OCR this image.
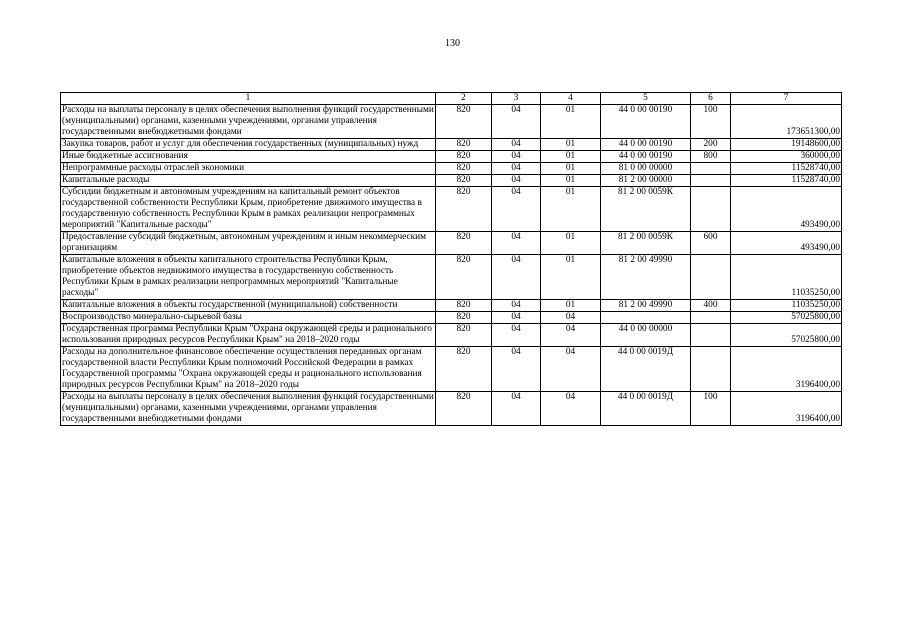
130
1	2	3	4	5	6	7
Расходы на выплаты персоналу в целях обеспечения выполнения функций государственными (муниципальными) органами, казенными учреждениями, органами управления государственными внебюджетными фондами	820	04	01	44 0 00 00190	100	173651300,00
Закупка товаров, работ и услуг для обеспечения государственных (муниципальных) нужд	820	04	01	44 0 00 00190	200	19148600,00
Иные бюджетные ассигнования	820	04	01	44 0 00 00190	800	360000,00
Непрограммные расходы отраслей экономики	820	04	01	81 0 00 00000		11528740,00
Капитальные расходы	820	04	01	81 2 00 00000		11528740,00
Субсидии бюджетным и автономным учреждениям на капитальный ремонт объектов государственной собственности Республики Крым, приобретение движимого имущества в государственную собственность Республики Крым в рамках реализации непрограммных мероприятий "Капитальные расходы"	820	04	01	81 2 00 0059К		493490,00
Предоставление субсидий бюджетным, автономным учреждениям и иным некоммерческим организациям	820	04	01	81 2 00 0059К	600	493490,00
Капитальные вложения в объекты капитального строительства Республики Крым, приобретение объектов недвижимого имущества в государственную собственность Республики Крым в рамках реализации непрограммных мероприятий "Капитальные расходы"	820	04	01	81 2 00 49990		11035250,00
Капитальные вложения в объекты государственной (муниципальной) собственности	820	04	01	81 2 00 49990	400	11035250,00
Воспроизводство минерально-сырьевой базы	820	04	04			57025800,00
Государственная программа Республики Крым "Охрана окружающей среды и рационального использования природных ресурсов Республики Крым" на 2018–2020 годы	820	04	04	44 0 00 00000		57025800,00
Расходы на дополнительное финансовое обеспечение осуществления переданных органам государственной власти Республики Крым полномочий Российской Федерации в рамках Государственной программы "Охрана окружающей среды и рационального использования природных ресурсов Республики Крым" на 2018–2020 годы	820	04	04	44 0 00 0019Д		3196400,00
Расходы на выплаты персоналу в целях обеспечения выполнения функций государственными (муниципальными) органами, казенными учреждениями, органами управления государственными внебюджетными фондами	820	04	04	44 0 00 0019Д	100	3196400,00
